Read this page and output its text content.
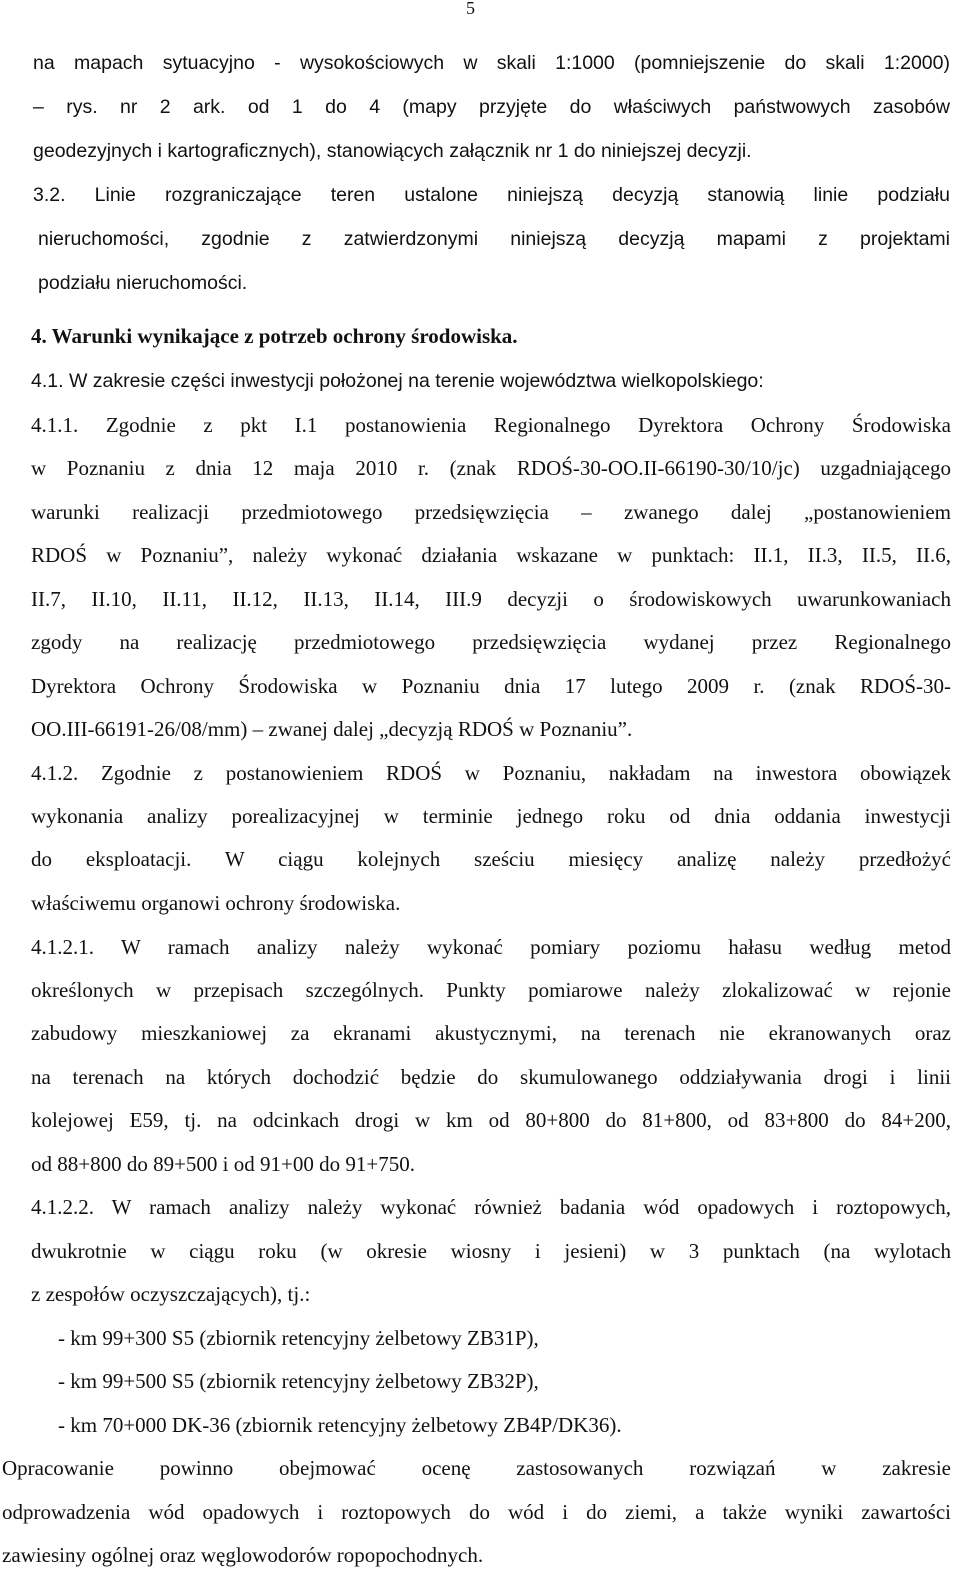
5
na mapach sytuacyjno - wysokościowych w skali 1:1000 (pomniejszenie do skali 1:2000)
– rys. nr 2 ark. od 1 do 4 (mapy przyjęte do właściwych państwowych zasobów
geodezyjnych i kartograficznych), stanowiących załącznik nr 1 do niniejszej decyzji.
3.2. Linie rozgraniczające teren ustalone niniejszą decyzją stanowią linie podziału
nieruchomości, zgodnie z zatwierdzonymi niniejszą decyzją mapami z projektami
podziału nieruchomości.
4. Warunki wynikające z potrzeb ochrony środowiska.
4.1. W zakresie części inwestycji położonej na terenie województwa wielkopolskiego:
4.1.1. Zgodnie z pkt I.1 postanowienia Regionalnego Dyrektora Ochrony Środowiska
w Poznaniu z dnia 12 maja 2010 r. (znak RDOŚ-30-OO.II-66190-30/10/jc) uzgadniającego
warunki realizacji przedmiotowego przedsięwzięcia – zwanego dalej „postanowieniem
RDOŚ w Poznaniu”, należy wykonać działania wskazane w punktach: II.1, II.3, II.5, II.6,
II.7, II.10, II.11, II.12, II.13, II.14, III.9 decyzji o środowiskowych uwarunkowaniach
zgody na realizację przedmiotowego przedsięwzięcia wydanej przez Regionalnego
Dyrektora Ochrony Środowiska w Poznaniu dnia 17 lutego 2009 r. (znak RDOŚ-30-
OO.III-66191-26/08/mm) – zwanej dalej „decyzją RDOŚ w Poznaniu”.
4.1.2. Zgodnie z postanowieniem RDOŚ w Poznaniu, nakładam na inwestora obowiązek
wykonania analizy porealizacyjnej w terminie jednego roku od dnia oddania inwestycji
do eksploatacji. W ciągu kolejnych sześciu miesięcy analizę należy przedłożyć
właściwemu organowi ochrony środowiska.
4.1.2.1. W ramach analizy należy wykonać pomiary poziomu hałasu według metod
określonych w przepisach szczególnych. Punkty pomiarowe należy zlokalizować w rejonie
zabudowy mieszkaniowej za ekranami akustycznymi, na terenach nie ekranowanych oraz
na terenach na których dochodzić będzie do skumulowanego oddziaływania drogi i linii
kolejowej E59, tj. na odcinkach drogi w km od 80+800 do 81+800, od 83+800 do 84+200,
od 88+800 do 89+500 i od 91+00 do 91+750.
4.1.2.2. W ramach analizy należy wykonać również badania wód opadowych i roztopowych,
dwukrotnie w ciągu roku (w okresie wiosny i jesieni) w 3 punktach (na wylotach
z zespołów oczyszczających), tj.:
- km 99+300 S5 (zbiornik retencyjny żelbetowy ZB31P),
- km 99+500 S5 (zbiornik retencyjny żelbetowy ZB32P),
- km 70+000 DK-36 (zbiornik retencyjny żelbetowy ZB4P/DK36).
Opracowanie powinno obejmować ocenę zastosowanych rozwiązań w zakresie
odprowadzenia wód opadowych i roztopowych do wód i do ziemi, a także wyniki zawartości
zawiesiny ogólnej oraz węglowodorów ropopochodnych.
